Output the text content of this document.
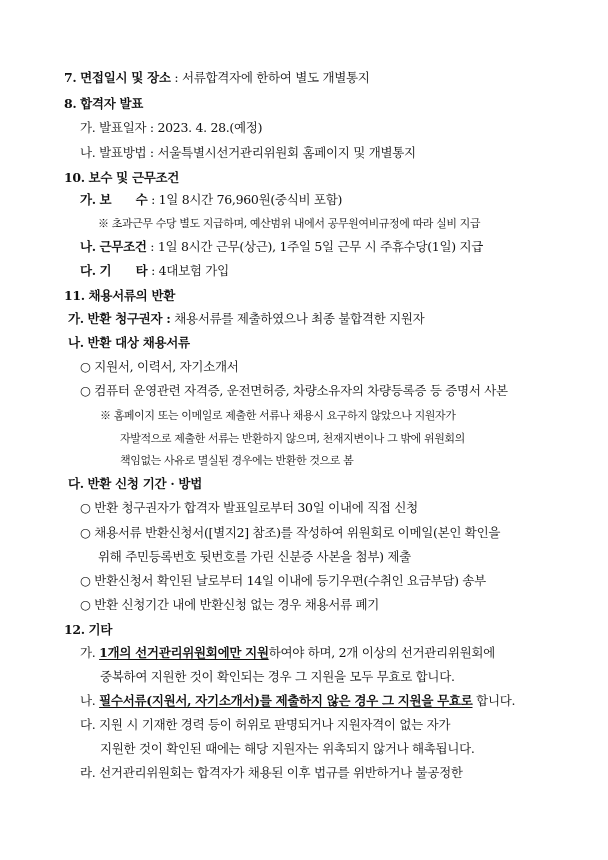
7. 면접일시 및 장소 : 서류합격자에 한하여 별도 개별통지
8. 합격자 발표
가. 발표일자 : 2023. 4. 28.(예정)
나. 발표방법 : 서울특별시선거관리위원회 홈페이지 및 개별통지
10. 보수 및 근무조건
가. 보      수 : 1일 8시간 76,960원(중식비 포함)
※ 초과근무 수당 별도 지급하며, 예산범위 내에서 공무원여비규정에 따라 실비 지급
나. 근무조건 : 1일 8시간 근무(상근), 1주일 5일 근무 시 주휴수당(1일) 지급
다. 기      타 : 4대보험 가입
11. 채용서류의 반환
가. 반환 청구권자 : 채용서류를 제출하였으나 최종 불합격한 지원자
나. 반환 대상 채용서류
○ 지원서, 이력서, 자기소개서
○ 컴퓨터 운영관련 자격증, 운전면허증, 차량소유자의 차량등록증 등 증명서 사본
※ 홈페이지 또는 이메일로 제출한 서류나 채용시 요구하지 않았으나 지원자가
자발적으로 제출한 서류는 반환하지 않으며, 천재지변이나 그 밖에 위원회의
책임없는 사유로 멸실된 경우에는 반환한 것으로 봄
다. 반환 신청 기간 · 방법
○ 반환 청구권자가 합격자 발표일로부터 30일 이내에 직접 신청
○ 채용서류 반환신청서([별지2] 참조)를 작성하여 위원회로 이메일(본인 확인을
위해 주민등록번호 뒷번호를 가린 신분증 사본을 첨부) 제출
○ 반환신청서 확인된 날로부터 14일 이내에 등기우편(수취인 요금부담) 송부
○ 반환 신청기간 내에 반환신청 없는 경우 채용서류 폐기
12. 기타
가. 1개의 선거관리위원회에만 지원하여야 하며, 2개 이상의 선거관리위원회에
중복하여 지원한 것이 확인되는 경우 그 지원을 모두 무효로 합니다.
나. 필수서류(지원서, 자기소개서)를 제출하지 않은 경우 그 지원을 무효로 합니다.
다. 지원 시 기재한 경력 등이 허위로 판명되거나 지원자격이 없는 자가
지원한 것이 확인된 때에는 해당 지원자는 위촉되지 않거나 해촉됩니다.
라. 선거관리위원회는 합격자가 채용된 이후 법규를 위반하거나 불공정한
